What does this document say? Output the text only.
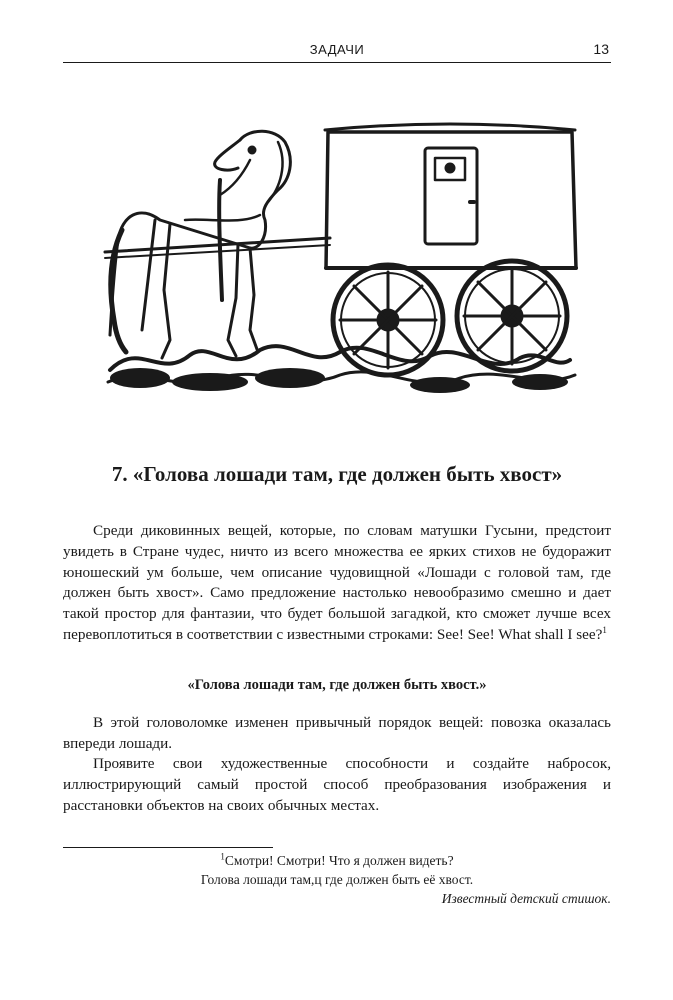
ЗАДАЧИ	13
7. «Голова лошади там, где должен быть хвост»

Среди диковинных вещей, которые, по словам матушки Гусыни, предстоит увидеть в Стране чудес, ничто из всего множества ее ярких стихов не будоражит юношеский ум больше, чем описание чудовищной «Лошади с головой там, где должен быть хвост». Само предложение настолько невообразимо смешно и дает такой простор для фантазии, что будет большой загадкой, кто сможет лучше всех перевоплотиться в соответствии с известными строками: See! See! What shall I see?$^1$

«Голова лошади там, где должен быть хвост.»

В этой головоломке изменен привычный порядок вещей: повозка оказалась впереди лошади.

Проявите свои художественные способности и создайте набросок, иллюстрирующий самый простой способ преобразования изображения и расстановки объектов на своих обычных местах.

$^1$Смотри! Смотри! Что я должен видеть?
Голова лошади там,ц где должен быть её хвост.
Известный детский стишок.
